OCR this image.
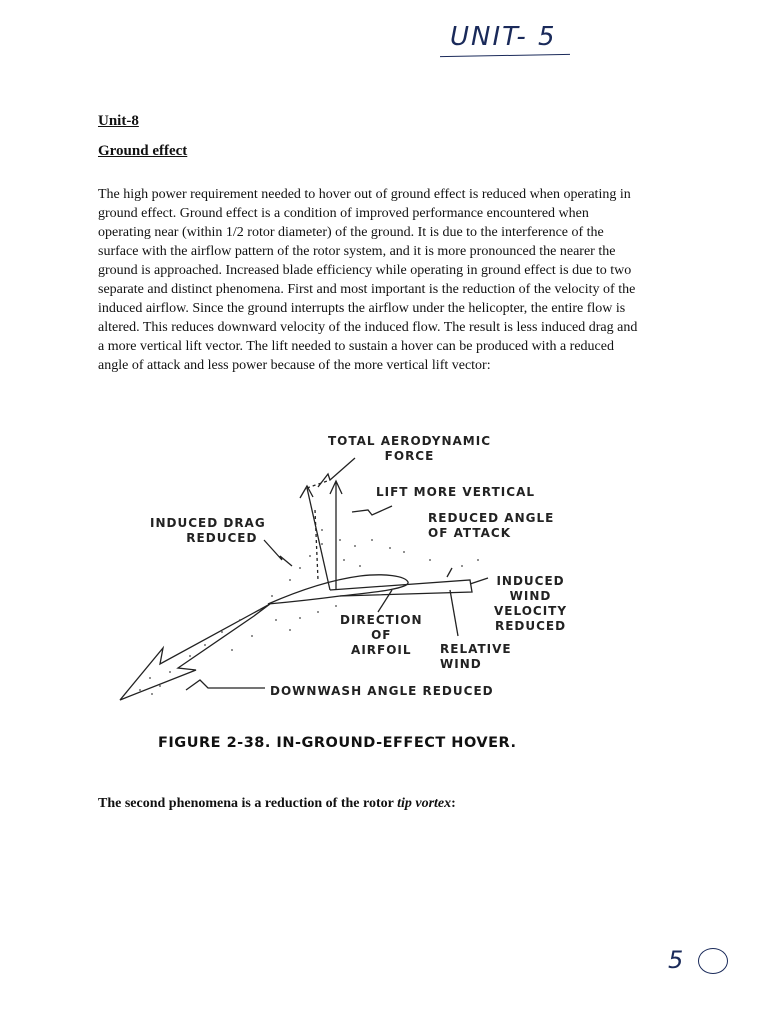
UNIT- 5
Unit-8
Ground effect
The high power requirement needed to hover out of ground effect is reduced when operating in
ground effect. Ground effect is a condition of improved performance encountered when
operating near (within 1/2 rotor diameter) of the ground. It is due to the interference of the
surface with the airflow pattern of the rotor system, and it is more pronounced the nearer the
ground is approached. Increased blade efficiency while operating in ground effect is due to two
separate and distinct phenomena. First and most important is the reduction of the velocity of the
induced airflow. Since the ground interrupts the airflow under the helicopter, the entire flow is
altered. This reduces downward velocity of the induced flow. The result is less induced drag and
a more vertical lift vector. The lift needed to sustain a hover can be produced with a reduced
angle of attack and less power because of the more vertical lift vector:
TOTAL AERODYNAMIC
FORCE
LIFT MORE VERTICAL
INDUCED DRAG
REDUCED
REDUCED ANGLE
OF ATTACK
INDUCED
WIND
VELOCITY
REDUCED
DIRECTION
OF
AIRFOIL	RELATIVE
WIND
DOWNWASH ANGLE REDUCED
FIGURE 2-38. IN-GROUND-EFFECT HOVER.
The second phenomena is a reduction of the rotor tip vortex:
5
